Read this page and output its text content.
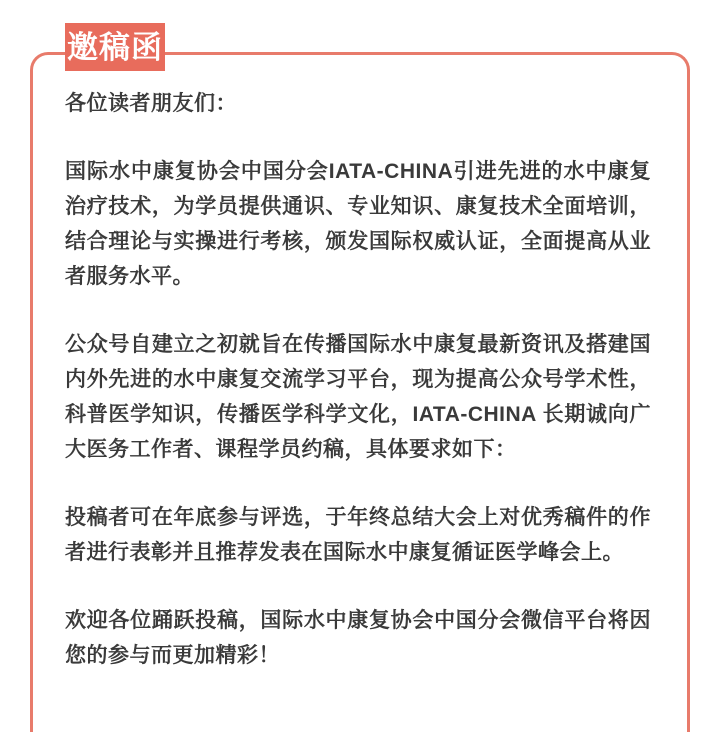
邀稿函

各位读者朋友们：

国际水中康复协会中国分会IATA-CHINA引进先进的水中康复治疗技术，为学员提供通识、专业知识、康复技术全面培训，结合理论与实操进行考核，颁发国际权威认证，全面提高从业者服务水平。

公众号自建立之初就旨在传播国际水中康复最新资讯及搭建国内外先进的水中康复交流学习平台，现为提高公众号学术性，科普医学知识，传播医学科学文化，IATA-CHINA 长期诚向广大医务工作者、课程学员约稿，具体要求如下：

投稿者可在年底参与评选，于年终总结大会上对优秀稿件的作者进行表彰并且推荐发表在国际水中康复循证医学峰会上。

欢迎各位踊跃投稿，国际水中康复协会中国分会微信平台将因您的参与而更加精彩！
